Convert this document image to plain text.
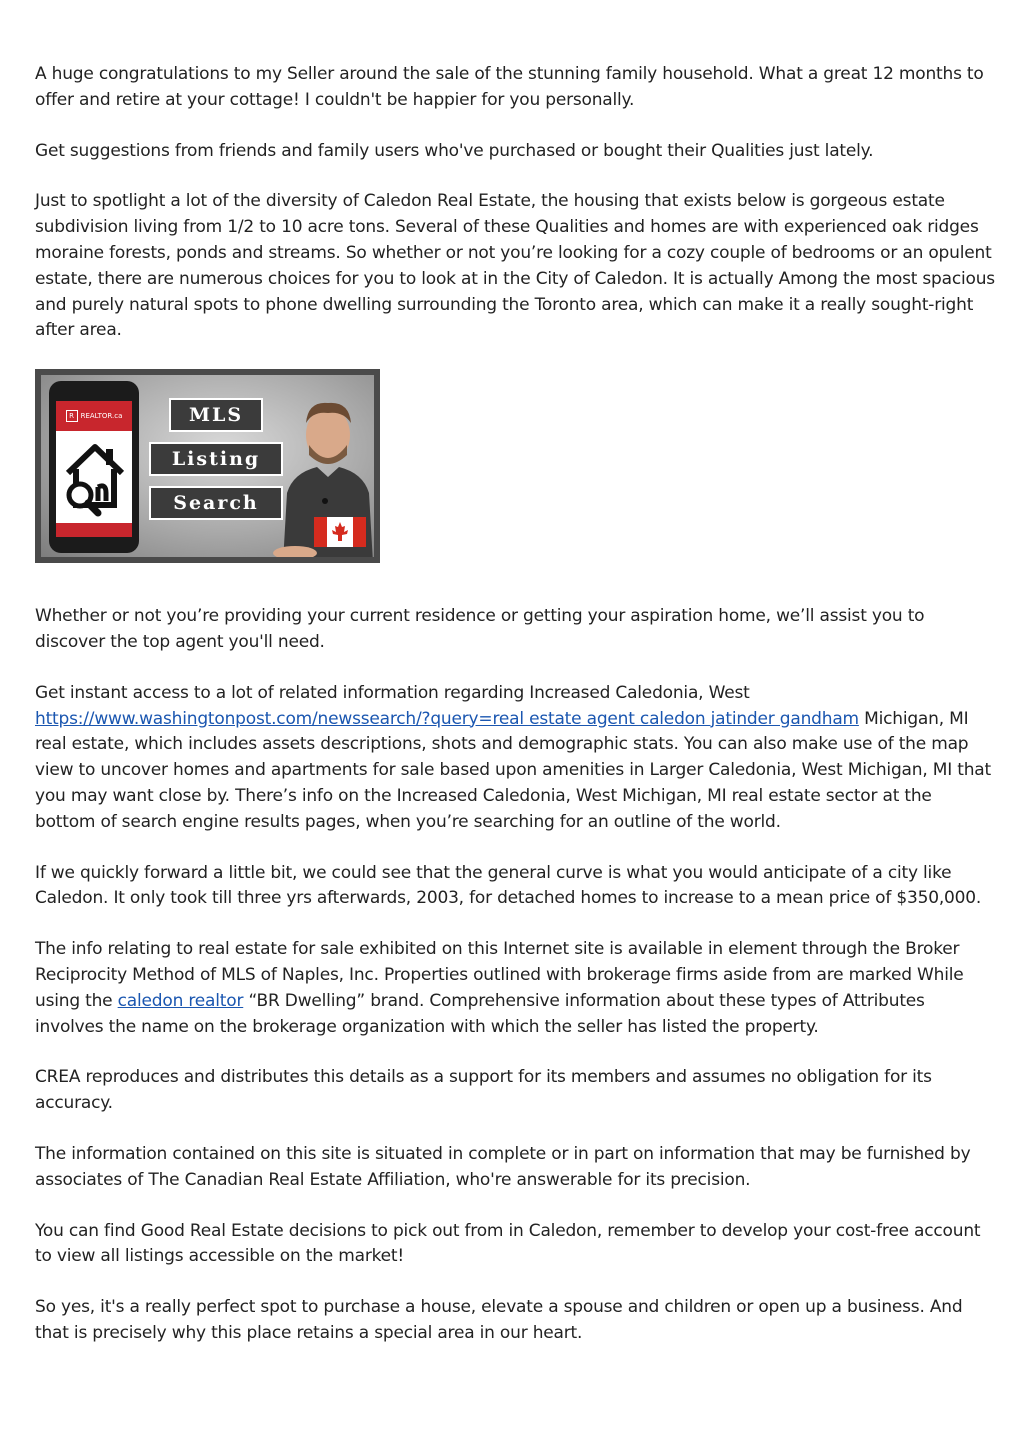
A huge congratulations to my Seller around the sale of the stunning family household. What a great 12 months to offer and retire at your cottage! I couldn't be happier for you personally.

Get suggestions from friends and family users who've purchased or bought their Qualities just lately.

Just to spotlight a lot of the diversity of Caledon Real Estate, the housing that exists below is gorgeous estate subdivision living from 1/2 to 10 acre tons. Several of these Qualities and homes are with experienced oak ridges moraine forests, ponds and streams. So whether or not you’re looking for a cozy couple of bedrooms or an opulent estate, there are numerous choices for you to look at in the City of Caledon. It is actually Among the most spacious and purely natural spots to phone dwelling surrounding the Toronto area, which can make it a really sought-right after area.

R REALTOR.ca	MLS
Listing
Search

Whether or not you’re providing your current residence or getting your aspiration home, we’ll assist you to discover the top agent you'll need.

Get instant access to a lot of related information regarding Increased Caledonia, West https://www.washingtonpost.com/newssearch/?query=real estate agent caledon jatinder gandham Michigan, MI real estate, which includes assets descriptions, shots and demographic stats. You can also make use of the map view to uncover homes and apartments for sale based upon amenities in Larger Caledonia, West Michigan, MI that you may want close by. There’s info on the Increased Caledonia, West Michigan, MI real estate sector at the bottom of search engine results pages, when you’re searching for an outline of the world.

If we quickly forward a little bit, we could see that the general curve is what you would anticipate of a city like Caledon. It only took till three yrs afterwards, 2003, for detached homes to increase to a mean price of $350,000.

The info relating to real estate for sale exhibited on this Internet site is available in element through the Broker Reciprocity Method of MLS of Naples, Inc. Properties outlined with brokerage firms aside from are marked While using the caledon realtor “BR Dwelling” brand. Comprehensive information about these types of Attributes involves the name on the brokerage organization with which the seller has listed the property.

CREA reproduces and distributes this details as a support for its members and assumes no obligation for its accuracy.

The information contained on this site is situated in complete or in part on information that may be furnished by associates of The Canadian Real Estate Affiliation, who're answerable for its precision.

You can find Good Real Estate decisions to pick out from in Caledon, remember to develop your cost-free account to view all listings accessible on the market!

So yes, it's a really perfect spot to purchase a house, elevate a spouse and children or open up a business. And that is precisely why this place retains a special area in our heart.
